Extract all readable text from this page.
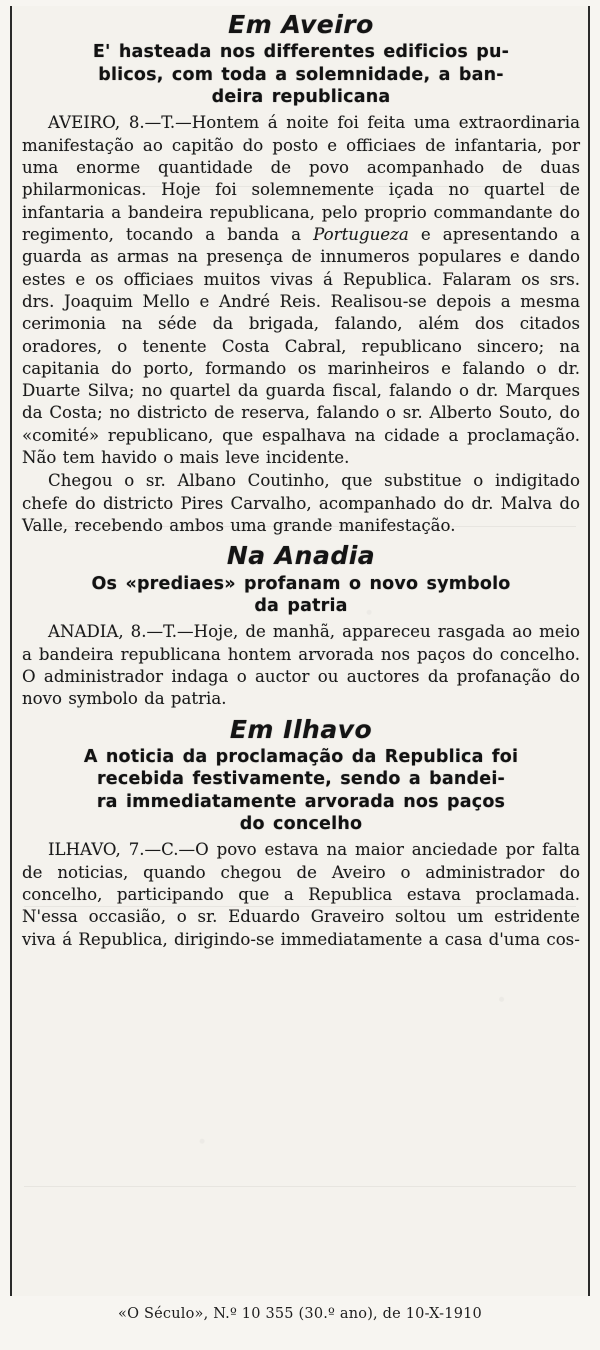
Em Aveiro
E' hasteada nos differentes edificios pu-
blicos, com toda a solemnidade, a ban-
deira republicana

AVEIRO, 8.—T.—Hontem á noite foi feita uma extraordinaria manifestação ao capitão do posto e officiaes de infantaria, por uma enorme quantidade de povo acompanhado de duas philarmonicas. Hoje foi solemnemente içada no quartel de infantaria a bandeira republicana, pelo proprio commandante do regimento, tocando a banda a Portugueza e apresentando a guarda as armas na presença de innumeros populares e dando estes e os officiaes muitos vivas á Republica. Falaram os srs. drs. Joaquim Mello e André Reis. Realisou-se depois a mesma cerimonia na séde da brigada, falando, além dos citados oradores, o tenente Costa Cabral, republicano sincero; na capitania do porto, formando os marinheiros e falando o dr. Duarte Silva; no quartel da guarda fiscal, falando o dr. Marques da Costa; no districto de reserva, falando o sr. Alberto Souto, do «comité» republicano, que espalhava na cidade a proclamação. Não tem havido o mais leve incidente.

Chegou o sr. Albano Coutinho, que substitue o indigitado chefe do districto Pires Carvalho, acompanhado do dr. Malva do Valle, recebendo ambos uma grande manifestação.

Na Anadia
Os «prediaes» profanam o novo symbolo
da patria

ANADIA, 8.—T.—Hoje, de manhã, appareceu rasgada ao meio a bandeira republicana hontem arvorada nos paços do concelho. O administrador indaga o auctor ou auctores da profanação do novo symbolo da patria.

Em Ilhavo
A noticia da proclamação da Republica foi
recebida festivamente, sendo a bandei-
ra immediatamente arvorada nos paços
do concelho

ILHAVO, 7.—C.—O povo estava na maior anciedade por falta de noticias, quando chegou de Aveiro o administrador do concelho, participando que a Republica estava proclamada. N'essa occasião, o sr. Eduardo Graveiro soltou um estridente viva á Republica, dirigindo-se immediatamente a casa d'uma cos-

«O Século», N.º 10 355 (30.º ano), de 10-X-1910
